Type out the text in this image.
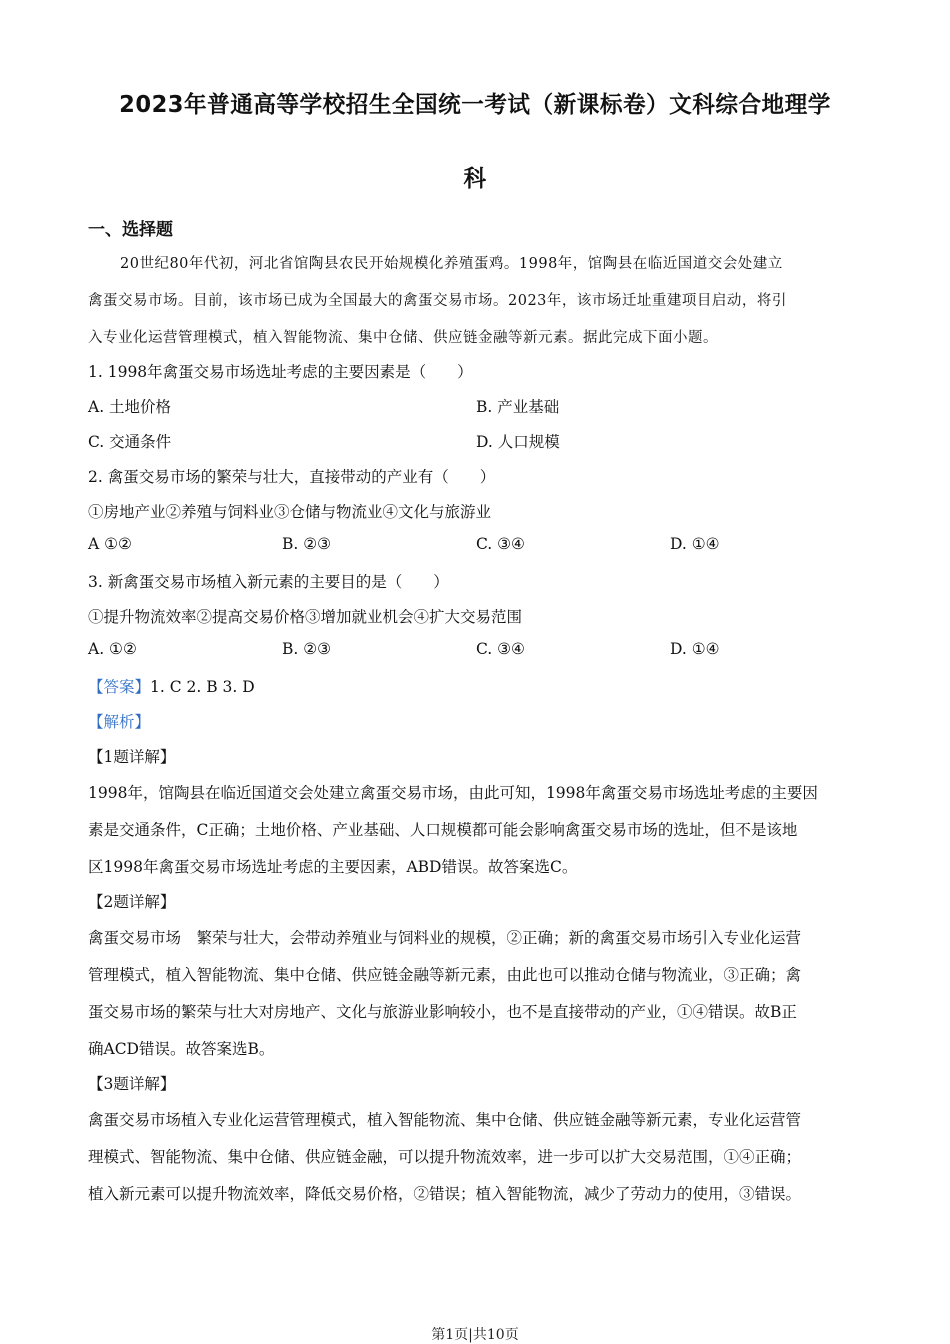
2023年普通高等学校招生全国统一考试（新课标卷）文科综合地理学
科
一、选择题
20世纪80年代初，河北省馆陶县农民开始规模化养殖蛋鸡。1998年，馆陶县在临近国道交会处建立
禽蛋交易市场。目前，该市场已成为全国最大的禽蛋交易市场。2023年，该市场迁址重建项目启动，将引
入专业化运营管理模式，植入智能物流、集中仓储、供应链金融等新元素。据此完成下面小题。
1. 1998年禽蛋交易市场选址考虑的主要因素是（　　）
A. 土地价格	B. 产业基础
C. 交通条件	D. 人口规模
2. 禽蛋交易市场的繁荣与壮大，直接带动的产业有（　　）
①房地产业②养殖与饲料业③仓储与物流业④文化与旅游业
A ①②	B. ②③	C. ③④	D. ①④
3. 新禽蛋交易市场植入新元素的主要目的是（　　）
①提升物流效率②提高交易价格③增加就业机会④扩大交易范围
A. ①②	B. ②③	C. ③④	D. ①④
【答案】1. C 2. B 3. D
【解析】
【1题详解】
1998年，馆陶县在临近国道交会处建立禽蛋交易市场，由此可知，1998年禽蛋交易市场选址考虑的主要因
素是交通条件，C正确；土地价格、产业基础、人口规模都可能会影响禽蛋交易市场的选址，但不是该地
区1998年禽蛋交易市场选址考虑的主要因素，ABD错误。故答案选C。
【2题详解】
禽蛋交易市场　繁荣与壮大，会带动养殖业与饲料业的规模，②正确；新的禽蛋交易市场引入专业化运营
管理模式，植入智能物流、集中仓储、供应链金融等新元素，由此也可以推动仓储与物流业，③正确；禽
蛋交易市场的繁荣与壮大对房地产、文化与旅游业影响较小，也不是直接带动的产业，①④错误。故B正
确ACD错误。故答案选B。
【3题详解】
禽蛋交易市场植入专业化运营管理模式，植入智能物流、集中仓储、供应链金融等新元素，专业化运营管
理模式、智能物流、集中仓储、供应链金融，可以提升物流效率，进一步可以扩大交易范围，①④正确；
植入新元素可以提升物流效率，降低交易价格，②错误；植入智能物流，减少了劳动力的使用，③错误。
第1页|共10页
